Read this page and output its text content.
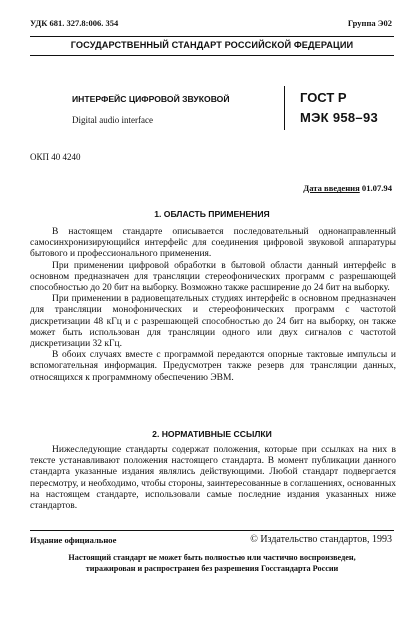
УДК 681. 327.8:006. 354	Группа Э02
ГОСУДАРСТВЕННЫЙ СТАНДАРТ РОССИЙСКОЙ ФЕДЕРАЦИИ
ИНТЕРФЕЙС ЦИФРОВОЙ ЗВУКОВОЙ
Digital audio interface
ГОСТ Р
МЭК 958–93
ОКП 40 4240
Дата введения 01.07.94
1. ОБЛАСТЬ ПРИМЕНЕНИЯ

В настоящем стандарте описывается последовательный однонаправленный самосинхронизирующийся интерфейс для соединения цифровой звуковой аппаратуры бытового и профессионального применения.

При применении цифровой обработки в бытовой области данный интерфейс в основном предназначен для трансляции стереофонических программ с разрешающей способностью до 20 бит на выборку. Возможно также расширение до 24 бит на выборку.

При применении в радиовещательных студиях интерфейс в основном предназначен для трансляции монофонических и стереофонических программ с частотой дискретизации 48 кГц и с разрешающей способностью до 24 бит на выборку, он также может быть использован для трансляции одного или двух сигналов с частотой дискретизации 32 кГц.

В обоих случаях вместе с программой передаются опорные тактовые импульсы и вспомогательная информация. Предусмотрен также резерв для трансляции данных, относящихся к программному обеспечению ЭВМ.

2. НОРМАТИВНЫЕ ССЫЛКИ

Нижеследующие стандарты содержат положения, которые при ссылках на них в тексте устанавливают положения настоящего стандарта. В момент публикации данного стандарта указанные издания являлись действующими. Любой стандарт подвергается пересмотру, и необходимо, чтобы стороны, заинтересованные в соглашениях, основанных на настоящем стандарте, использовали самые последние издания указанных ниже стандартов.

Издание официальное	© Издательство стандартов, 1993
Настоящий стандарт не может быть полностью или частично воспроизведен,
тиражирован и распространен без разрешения Госстандарта России
